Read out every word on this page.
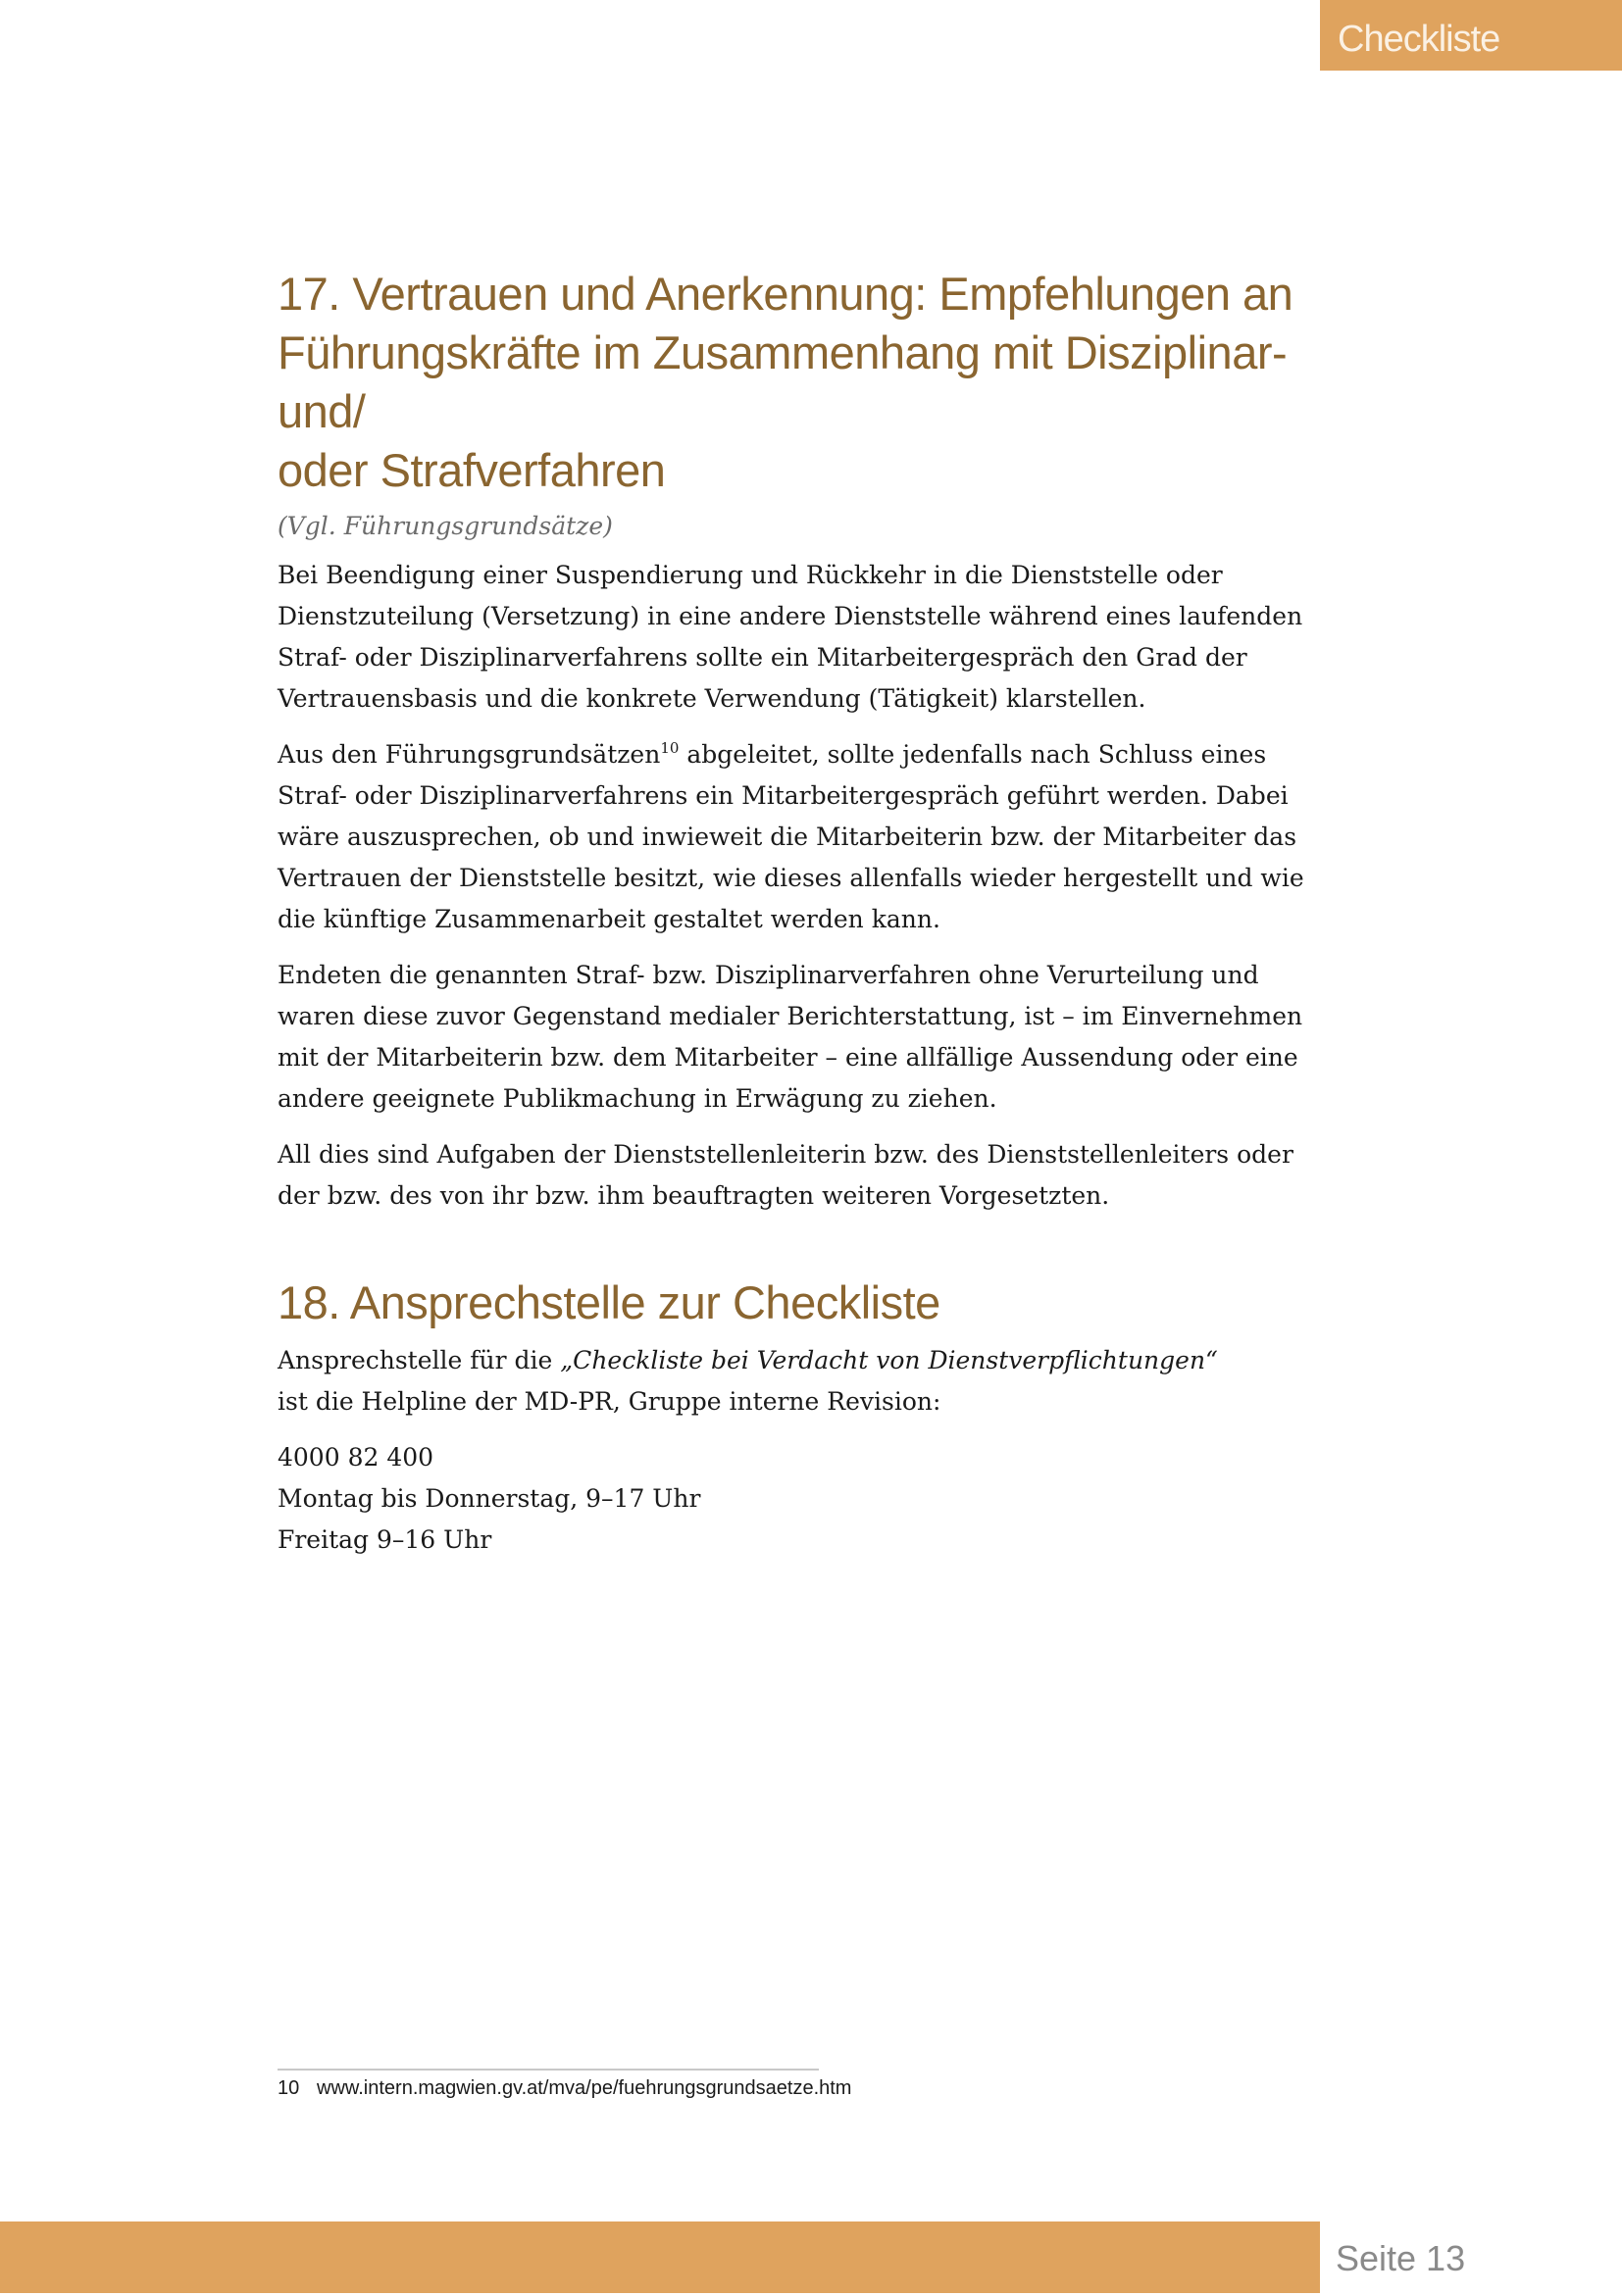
Checkliste
17. Vertrauen und Anerkennung: Empfehlungen an
Führungskräfte im Zusammenhang mit Disziplinar- und/
oder Strafverfahren
(Vgl. Führungsgrundsätze)

Bei Beendigung einer Suspendierung und Rückkehr in die Dienststelle oder Dienstzuteilung (Versetzung) in eine andere Dienststelle während eines laufenden Straf- oder Disziplinarverfahrens sollte ein Mitarbeitergespräch den Grad der Vertrauensbasis und die konkrete Verwendung (Tätigkeit) klarstellen.

Aus den Führungsgrundsätzen$^{10}$ abgeleitet, sollte jedenfalls nach Schluss eines Straf- oder Disziplinarverfahrens ein Mitarbeitergespräch geführt werden. Dabei wäre auszusprechen, ob und inwieweit die Mitarbeiterin bzw. der Mitarbeiter das Vertrauen der Dienststelle besitzt, wie dieses allenfalls wieder hergestellt und wie die künftige Zusammenarbeit gestaltet werden kann.

Endeten die genannten Straf- bzw. Disziplinarverfahren ohne Verurteilung und waren diese zuvor Gegenstand medialer Berichterstattung, ist – im Einvernehmen mit der Mitarbeiterin bzw. dem Mitarbeiter – eine allfällige Aussendung oder eine andere geeignete Publikmachung in Erwägung zu ziehen.

All dies sind Aufgaben der Dienststellenleiterin bzw. des Dienststellenleiters oder der bzw. des von ihr bzw. ihm beauftragten weiteren Vorgesetzten.

18. Ansprechstelle zur Checkliste

Ansprechstelle für die „Checkliste bei Verdacht von Dienstverpflichtungen“
ist die Helpline der MD-PR, Gruppe interne Revision:

4000 82 400
Montag bis Donnerstag, 9–17 Uhr
Freitag 9–16 Uhr

10 www.intern.magwien.gv.at/mva/pe/fuehrungsgrundsaetze.htm
Seite 13
